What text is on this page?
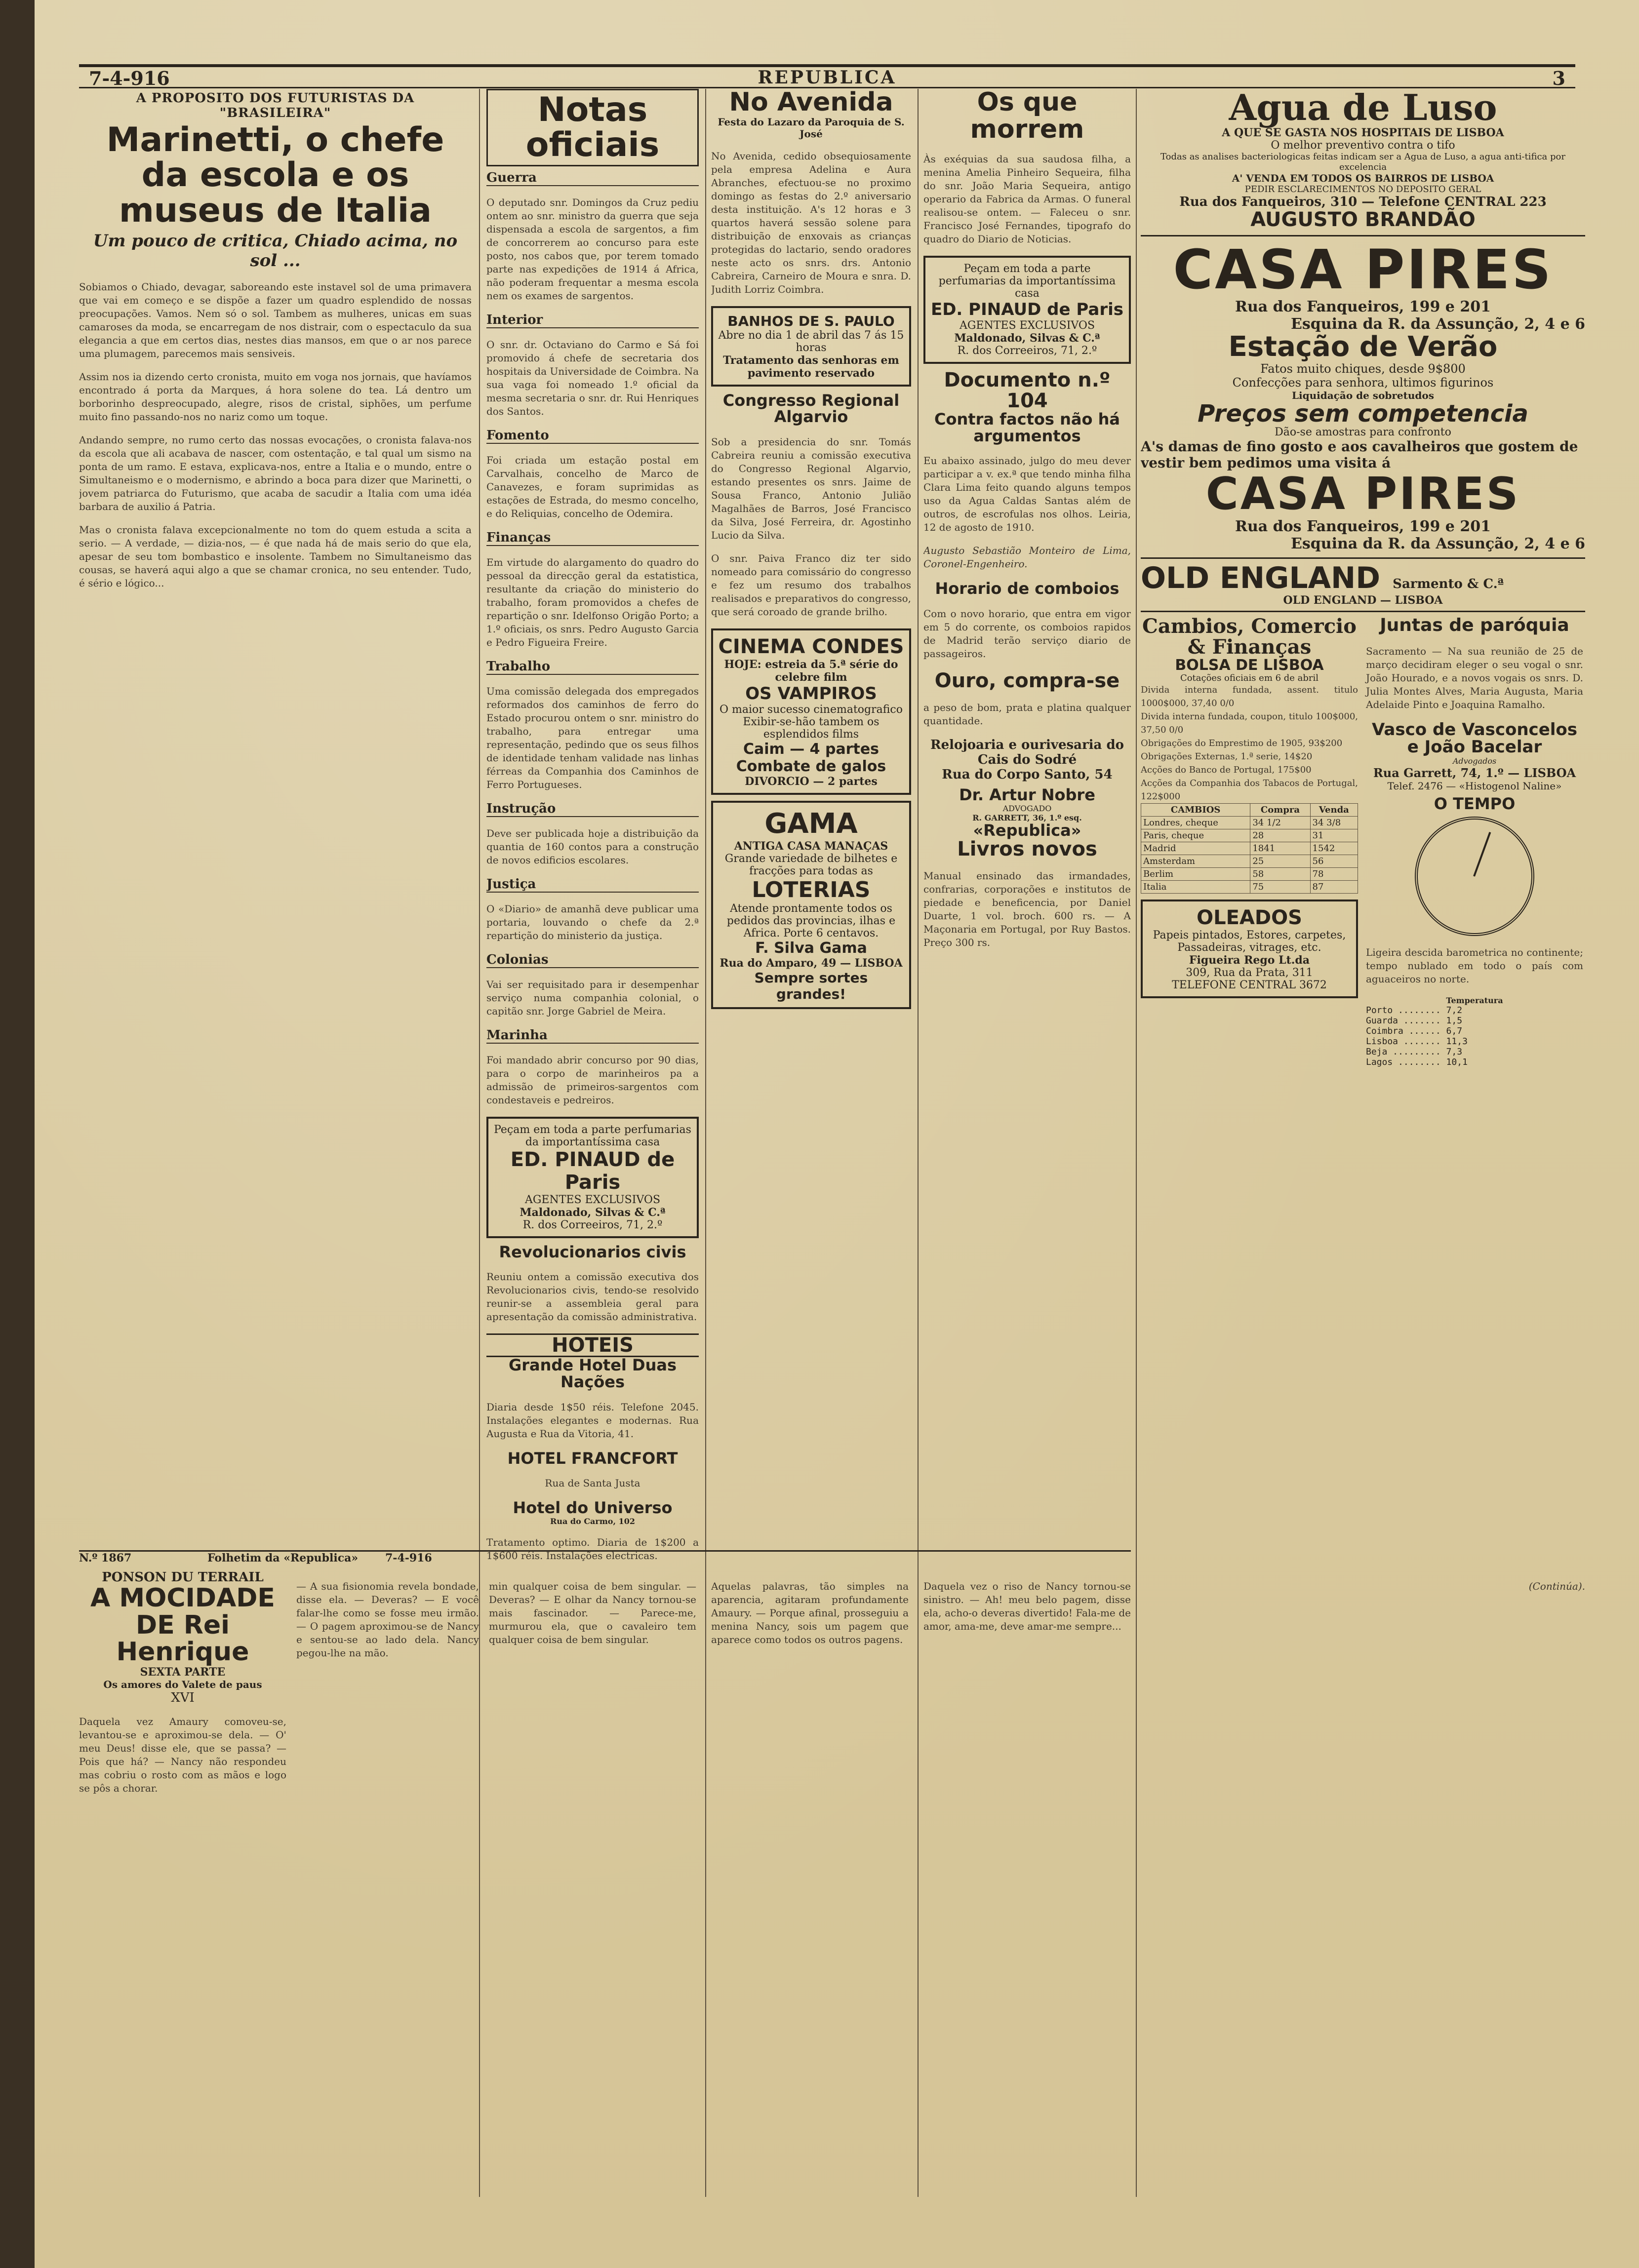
7-4-916	REPUBLICA	3
A PROPOSITO DOS FUTURISTAS DA "BRASILEIRA"
Marinetti, o chefe da escola e os museus de Italia
Um pouco de critica, Chiado acima, no sol ...

Sobiamos o Chiado, devagar, saboreando este instavel sol de uma primavera que vai em começo e se dispõe a fazer um quadro esplendido de nossas preocupações. Vamos. Nem só o sol. Tambem as mulheres, unicas em suas camaroses da moda, se encarregam de nos distrair, com o espectaculo da sua elegancia a que em certos dias, nestes dias mansos, em que o ar nos parece uma plumagem, parecemos mais sensiveis.

Assim nos ia dizendo certo cronista, muito em voga nos jornais, que havíamos encontrado á porta da Marques, á hora solene do tea. Lá dentro um borborinho despreocupado, alegre, risos de cristal, siphões, um perfume muito fino passando-nos no nariz como um toque.

Andando sempre, no rumo certo das nossas evocações, o cronista falava-nos da escola que ali acabava de nascer, com ostentação, e tal qual um sismo na ponta de um ramo. E estava, explicava-nos, entre a Italia e o mundo, entre o Simultaneismo e o modernismo, e abrindo a boca para dizer que Marinetti, o jovem patriarca do Futurismo, que acaba de sacudir a Italia com uma idéa barbara de auxilio á Patria.

Mas o cronista falava excepcionalmente no tom do quem estuda a scita a serio. — A verdade, — dizia-nos, — é que nada há de mais serio do que ela, apesar de seu tom bombastico e insolente. Tambem no Simultaneismo das cousas, se haverá aqui algo a que se chamar cronica, no seu entender. Tudo, é sério e lógico...

Notas oficiais
Guerra

O deputado snr. Domingos da Cruz pediu ontem ao snr. ministro da guerra que seja dispensada a escola de sargentos, a fim de concorrerem ao concurso para este posto, nos cabos que, por terem tomado parte nas expedições de 1914 á Africa, não poderam frequentar a mesma escola nem os exames de sargentos.

Interior

O snr. dr. Octaviano do Carmo e Sá foi promovido á chefe de secretaria dos hospitais da Universidade de Coimbra. Na sua vaga foi nomeado 1.º oficial da mesma secretaria o snr. dr. Rui Henriques dos Santos.

Fomento

Foi criada um estação postal em Carvalhais, concelho de Marco de Canavezes, e foram suprimidas as estações de Estrada, do mesmo concelho, e do Reliquias, concelho de Odemira.

Finanças

Em virtude do alargamento do quadro do pessoal da direcção geral da estatistica, resultante da criação do ministerio do trabalho, foram promovidos a chefes de repartição o snr. Idelfonso Origão Porto; a 1.º oficiais, os snrs. Pedro Augusto Garcia e Pedro Figueira Freire.

Trabalho

Uma comissão delegada dos empregados reformados dos caminhos de ferro do Estado procurou ontem o snr. ministro do trabalho, para entregar uma representação, pedindo que os seus filhos de identidade tenham validade nas linhas férreas da Companhia dos Caminhos de Ferro Portugueses.

Instrução

Deve ser publicada hoje a distribuição da quantia de 160 contos para a construção de novos edificios escolares.

Justiça

O «Diario» de amanhã deve publicar uma portaria, louvando o chefe da 2.ª repartição do ministerio da justiça.

Colonias

Vai ser requisitado para ir desempenhar serviço numa companhia colonial, o capitão snr. Jorge Gabriel de Meira.

Marinha

Foi mandado abrir concurso por 90 dias, para o corpo de marinheiros pa a admissão de primeiros-sargentos com condestaveis e pedreiros.

Peçam em toda a parte perfumarias da importantíssima casa
ED. PINAUD de Paris
AGENTES EXCLUSIVOS
Maldonado, Silvas & C.ª
R. dos Correeiros, 71, 2.º
Revolucionarios civis

Reuniu ontem a comissão executiva dos Revolucionarios civis, tendo-se resolvido reunir-se a assembleia geral para apresentação da comissão administrativa.

HOTEIS
Grande Hotel Duas Nações

Diaria desde 1$50 réis. Telefone 2045. Instalações elegantes e modernas. Rua Augusta e Rua da Vitoria, 41.

HOTEL FRANCFORT

Rua de Santa Justa

Hotel do Universo
Rua do Carmo, 102

Tratamento optimo. Diaria de 1$200 a 1$600 réis. Instalações electricas.

No Avenida
Festa do Lazaro da Paroquia de S. José

No Avenida, cedido obsequiosamente pela empresa Adelina e Aura Abranches, efectuou-se no proximo domingo as festas do 2.º aniversario desta instituição. A's 12 horas e 3 quartos haverá sessão solene para distribuição de enxovais as crianças protegidas do lactario, sendo oradores neste acto os snrs. drs. Antonio Cabreira, Carneiro de Moura e snra. D. Judith Lorriz Coimbra.

BANHOS DE S. PAULO
Abre no dia 1 de abril das 7 ás 15 horas
Tratamento das senhoras em pavimento reservado
Congresso Regional Algarvio

Sob a presidencia do snr. Tomás Cabreira reuniu a comissão executiva do Congresso Regional Algarvio, estando presentes os snrs. Jaime de Sousa Franco, Antonio Julião Magalhães de Barros, José Francisco da Silva, José Ferreira, dr. Agostinho Lucio da Silva.

O snr. Paiva Franco diz ter sido nomeado para comissário do congresso e fez um resumo dos trabalhos realisados e preparativos do congresso, que será coroado de grande brilho.

CINEMA CONDES
HOJE: estreia da 5.ª série do celebre film
OS VAMPIROS
O maior sucesso cinematografico
Exibir-se-hão tambem os esplendidos films
Caim — 4 partes
Combate de galos
DIVORCIO — 2 partes
GAMA
ANTIGA CASA MANAÇAS
Grande variedade de bilhetes e fracções para todas as
LOTERIAS
Atende prontamente todos os pedidos das provincias, ilhas e Africa. Porte 6 centavos.
F. Silva Gama
Rua do Amparo, 49 — LISBOA
Sempre sortes grandes!
Os que morrem

Às exéquias da sua saudosa filha, a menina Amelia Pinheiro Sequeira, filha do snr. João Maria Sequeira, antigo operario da Fabrica da Armas. O funeral realisou-se ontem. — Faleceu o snr. Francisco José Fernandes, tipografo do quadro do Diario de Noticias.

Peçam em toda a parte perfumarias da importantíssima casa
ED. PINAUD de Paris
AGENTES EXCLUSIVOS
Maldonado, Silvas & C.ª
R. dos Correeiros, 71, 2.º
Documento n.º 104
Contra factos não há argumentos

Eu abaixo assinado, julgo do meu dever participar a v. ex.ª que tendo minha filha Clara Lima feito quando alguns tempos uso da Agua Caldas Santas além de outros, de escrofulas nos olhos. Leiria, 12 de agosto de 1910.

Augusto Sebastião Monteiro de Lima, Coronel-Engenheiro.

Horario de comboios

Com o novo horario, que entra em vigor em 5 do corrente, os comboios rapidos de Madrid terão serviço diario de passageiros.

Ouro, compra-se

a peso de bom, prata e platina qualquer quantidade.

Relojoaria e ourivesaria do Cais do Sodré
Rua do Corpo Santo, 54
Dr. Artur Nobre
ADVOGADO
R. GARRETT, 36, 1.º esq.
«Republica»
Livros novos

Manual ensinado das irmandades, confrarias, corporações e institutos de piedade e beneficencia, por Daniel Duarte, 1 vol. broch. 600 rs. — A Maçonaria em Portugal, por Ruy Bastos. Preço 300 rs.

Agua de Luso
A QUE SE GASTA NOS HOSPITAIS DE LISBOA
O melhor preventivo contra o tifo
Todas as analises bacteriologicas feitas indicam ser a Agua de Luso, a agua anti-tifica por excelencia
A' VENDA EM TODOS OS BAIRROS DE LISBOA
PEDIR ESCLARECIMENTOS NO DEPOSITO GERAL
Rua dos Fanqueiros, 310 — Telefone CENTRAL 223
AUGUSTO BRANDÃO
CASA PIRES
Rua dos Fanqueiros, 199 e 201
Esquina da R. da Assunção, 2, 4 e 6
Estação de Verão
Fatos muito chiques, desde 9$800
Confecções para senhora, ultimos figurinos
Liquidação de sobretudos
Preços sem competencia
Dão-se amostras para confronto
A's damas de fino gosto e aos cavalheiros que gostem de vestir bem pedimos uma visita á
CASA PIRES
Rua dos Fanqueiros, 199 e 201
Esquina da R. da Assunção, 2, 4 e 6
OLD ENGLAND Sarmento & C.ª
OLD ENGLAND — LISBOA
Cambios, Comercio & Finanças
BOLSA DE LISBOA
Cotações oficiais em 6 de abril
Divida interna fundada, assent. titulo 1000$000, 37,40 0/0
Divida interna fundada, coupon, titulo 100$000, 37,50 0/0
Obrigações do Emprestimo de 1905, 93$200
Obrigações Externas, 1.ª serie, 14$20
Acções do Banco de Portugal, 175$00
Acções da Companhia dos Tabacos de Portugal, 122$000
CAMBIOS	Compra	Venda
Londres, cheque	34 1/2	34 3/8
Paris, cheque	28	31
Madrid	1841	1542
Amsterdam	25	56
Berlim	58	78
Italia	75	87
OLEADOS
Papeis pintados, Estores, carpetes, Passadeiras, vitrages, etc.
Figueira Rego Lt.da
309, Rua da Prata, 311
TELEFONE CENTRAL 3672
Juntas de paróquia

Sacramento — Na sua reunião de 25 de março decidiram eleger o seu vogal o snr. João Hourado, e a novos vogais os snrs. D. Julia Montes Alves, Maria Augusta, Maria Adelaide Pinto e Joaquina Ramalho.

Vasco de Vasconcelos e João Bacelar
Advogados
Rua Garrett, 74, 1.º — LISBOA
Telef. 2476 — «Histogenol Naline»
O TEMPO

Ligeira descida barometrica no continente; tempo nublado em todo o país com aguaceiros no norte.

Temperatura
Porto ........ 7,2
Guarda ....... 1,5
Coimbra ...... 6,7
Lisboa ....... 11,3
Beja ......... 7,3
Lagos ........ 10,1
N.º 1867	Folhetim da «Republica» 7-4-916
PONSON DU TERRAIL
A MOCIDADE DE Rei Henrique
SEXTA PARTE
Os amores do Valete de paus
XVI

Daquela vez Amaury comoveu-se, levantou-se e aproximou-se dela. — O' meu Deus! disse ele, que se passa? — Pois que há? — Nancy não respondeu mas cobriu o rosto com as mãos e logo se pôs a chorar.

— A sua fisionomia revela bondade, disse ela. — Deveras? — E você falar-lhe como se fosse meu irmão. — O pagem aproximou-se de Nancy e sentou-se ao lado dela. Nancy pegou-lhe na mão.

min qualquer coisa de bem singular. — Deveras? — E olhar da Nancy tornou-se mais fascinador. — Parece-me, murmurou ela, que o cavaleiro tem qualquer coisa de bem singular.

Aquelas palavras, tão simples na aparencia, agitaram profundamente Amaury. — Porque afinal, prosseguiu a menina Nancy, sois um pagem que aparece como todos os outros pagens.

Daquela vez o riso de Nancy tornou-se sinistro. — Ah! meu belo pagem, disse ela, acho-o deveras divertido! Fala-me de amor, ama-me, deve amar-me sempre...

(Continúa).
